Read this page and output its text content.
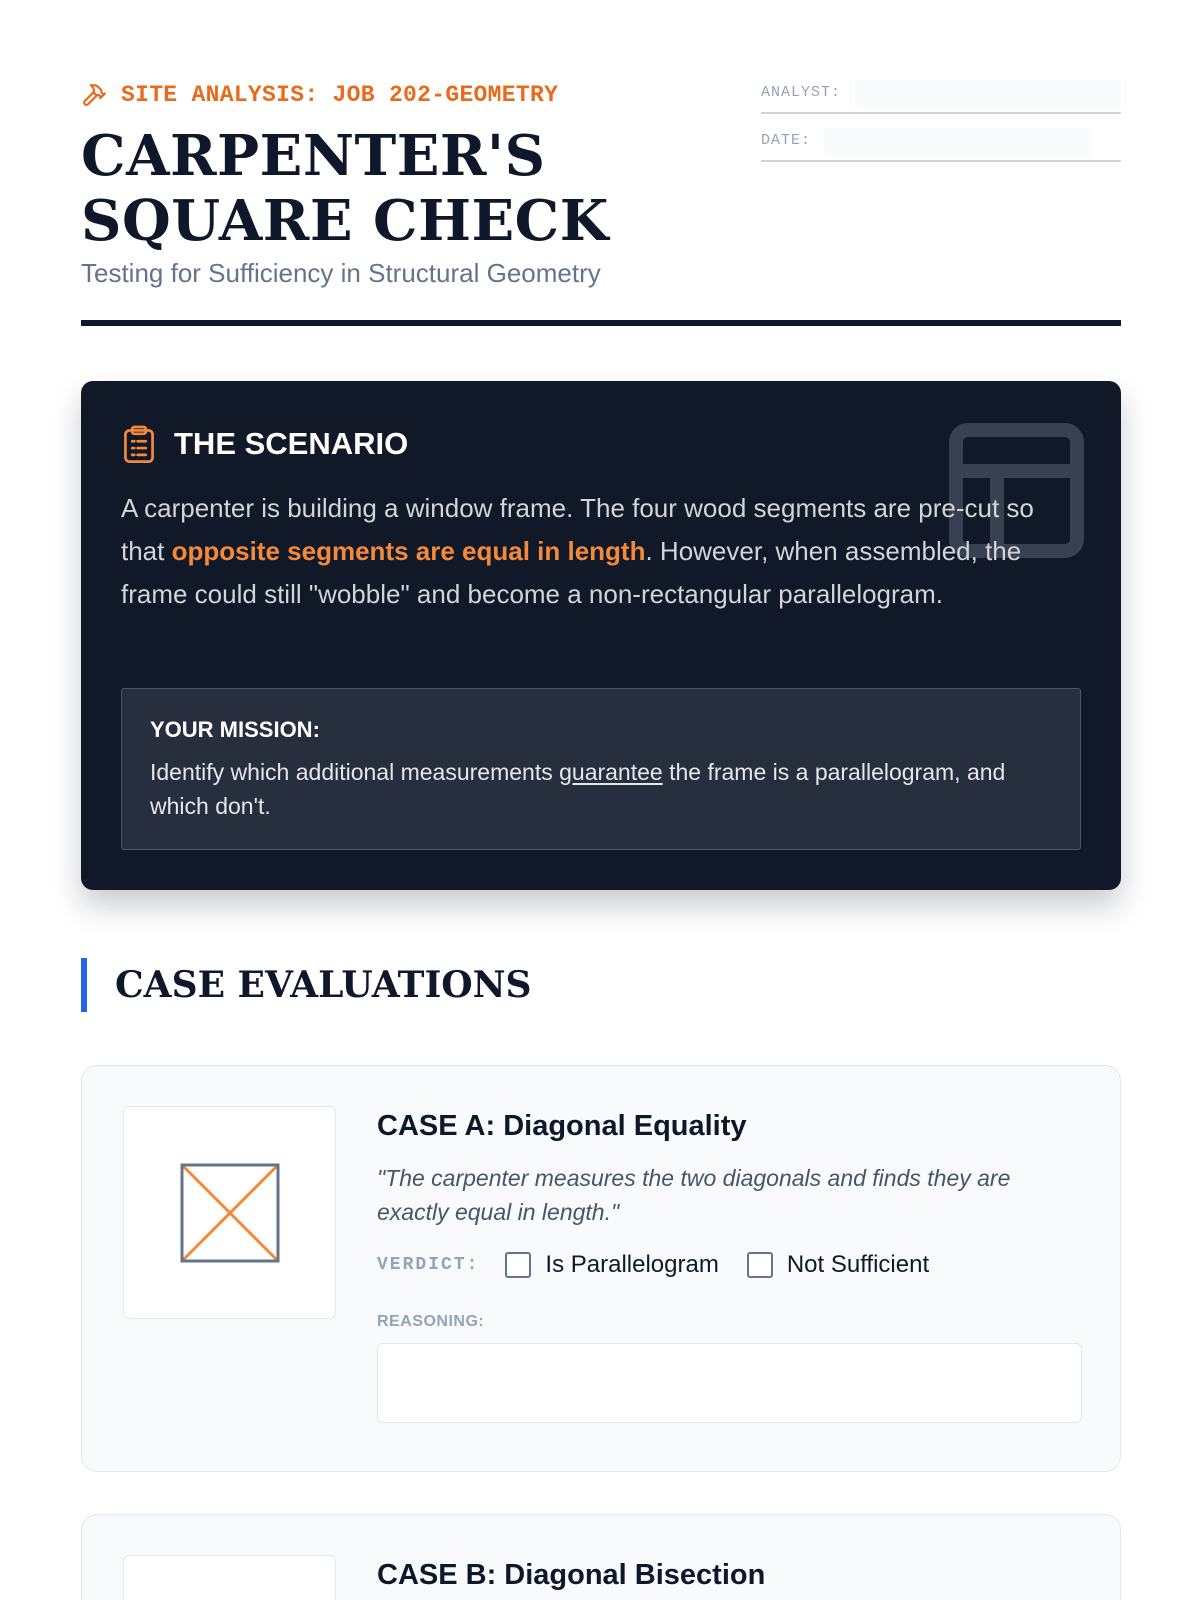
SITE ANALYSIS: JOB 202-GEOMETRY
CARPENTER'S SQUARE CHECK
Testing for Sufficiency in Structural Geometry
ANALYST:
DATE:
THE SCENARIO

A carpenter is building a window frame. The four wood segments are pre-cut so that opposite segments are equal in length. However, when assembled, the frame could still "wobble" and become a non-rectangular parallelogram.

YOUR MISSION:

Identify which additional measurements guarantee the frame is a parallelogram, and which don't.

CASE EVALUATIONS
CASE A: Diagonal Equality

"The carpenter measures the two diagonals and finds they are exactly equal in length."

VERDICT:	Is Parallelogram	Not Sufficient
REASONING:
CASE B: Diagonal Bisection
